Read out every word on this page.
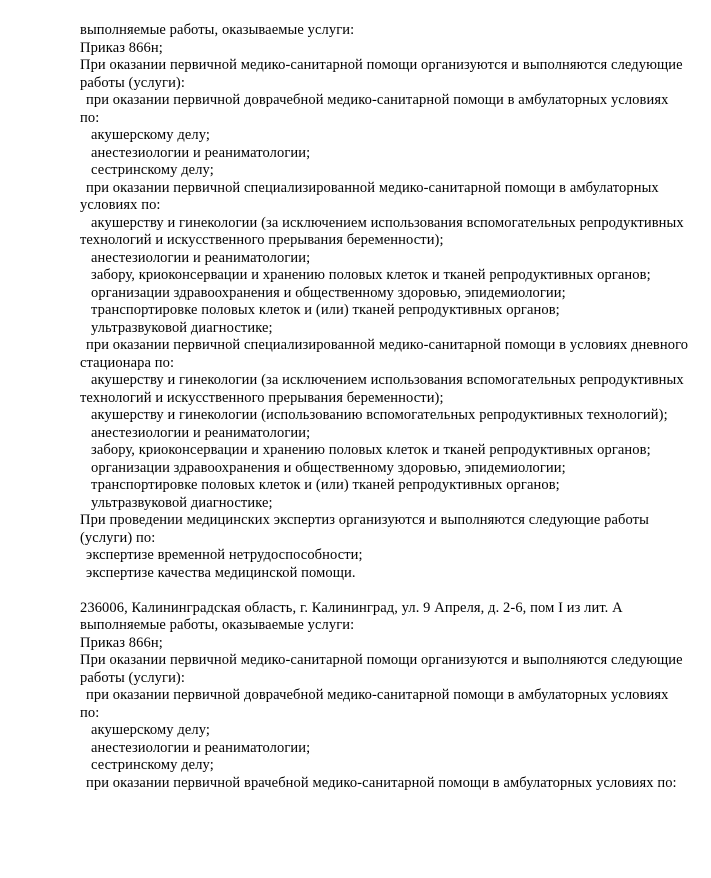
выполняемые работы, оказываемые услуги:
Приказ 866н;
При оказании первичной медико-санитарной помощи организуются и выполняются следующие
работы (услуги):
при оказании первичной доврачебной медико-санитарной помощи в амбулаторных условиях
по:
акушерскому делу;
анестезиологии и реаниматологии;
сестринскому делу;
при оказании первичной специализированной медико-санитарной помощи в амбулаторных
условиях по:
акушерству и гинекологии (за исключением использования вспомогательных репродуктивных
технологий и искусственного прерывания беременности);
анестезиологии и реаниматологии;
забору, криоконсервации и хранению половых клеток и тканей репродуктивных органов;
организации здравоохранения и общественному здоровью, эпидемиологии;
транспортировке половых клеток и (или) тканей репродуктивных органов;
ультразвуковой диагностике;
при оказании первичной специализированной медико-санитарной помощи в условиях дневного
стационара по:
акушерству и гинекологии (за исключением использования вспомогательных репродуктивных
технологий и искусственного прерывания беременности);
акушерству и гинекологии (использованию вспомогательных репродуктивных технологий);
анестезиологии и реаниматологии;
забору, криоконсервации и хранению половых клеток и тканей репродуктивных органов;
организации здравоохранения и общественному здоровью, эпидемиологии;
транспортировке половых клеток и (или) тканей репродуктивных органов;
ультразвуковой диагностике;
При проведении медицинских экспертиз организуются и выполняются следующие работы
(услуги) по:
экспертизе временной нетрудоспособности;
экспертизе качества медицинской помощи.

236006, Калининградская область, г. Калининград, ул. 9 Апреля, д. 2-6, пом I из лит. А
выполняемые работы, оказываемые услуги:
Приказ 866н;
При оказании первичной медико-санитарной помощи организуются и выполняются следующие
работы (услуги):
при оказании первичной доврачебной медико-санитарной помощи в амбулаторных условиях
по:
акушерскому делу;
анестезиологии и реаниматологии;
сестринскому делу;
при оказании первичной врачебной медико-санитарной помощи в амбулаторных условиях по:
